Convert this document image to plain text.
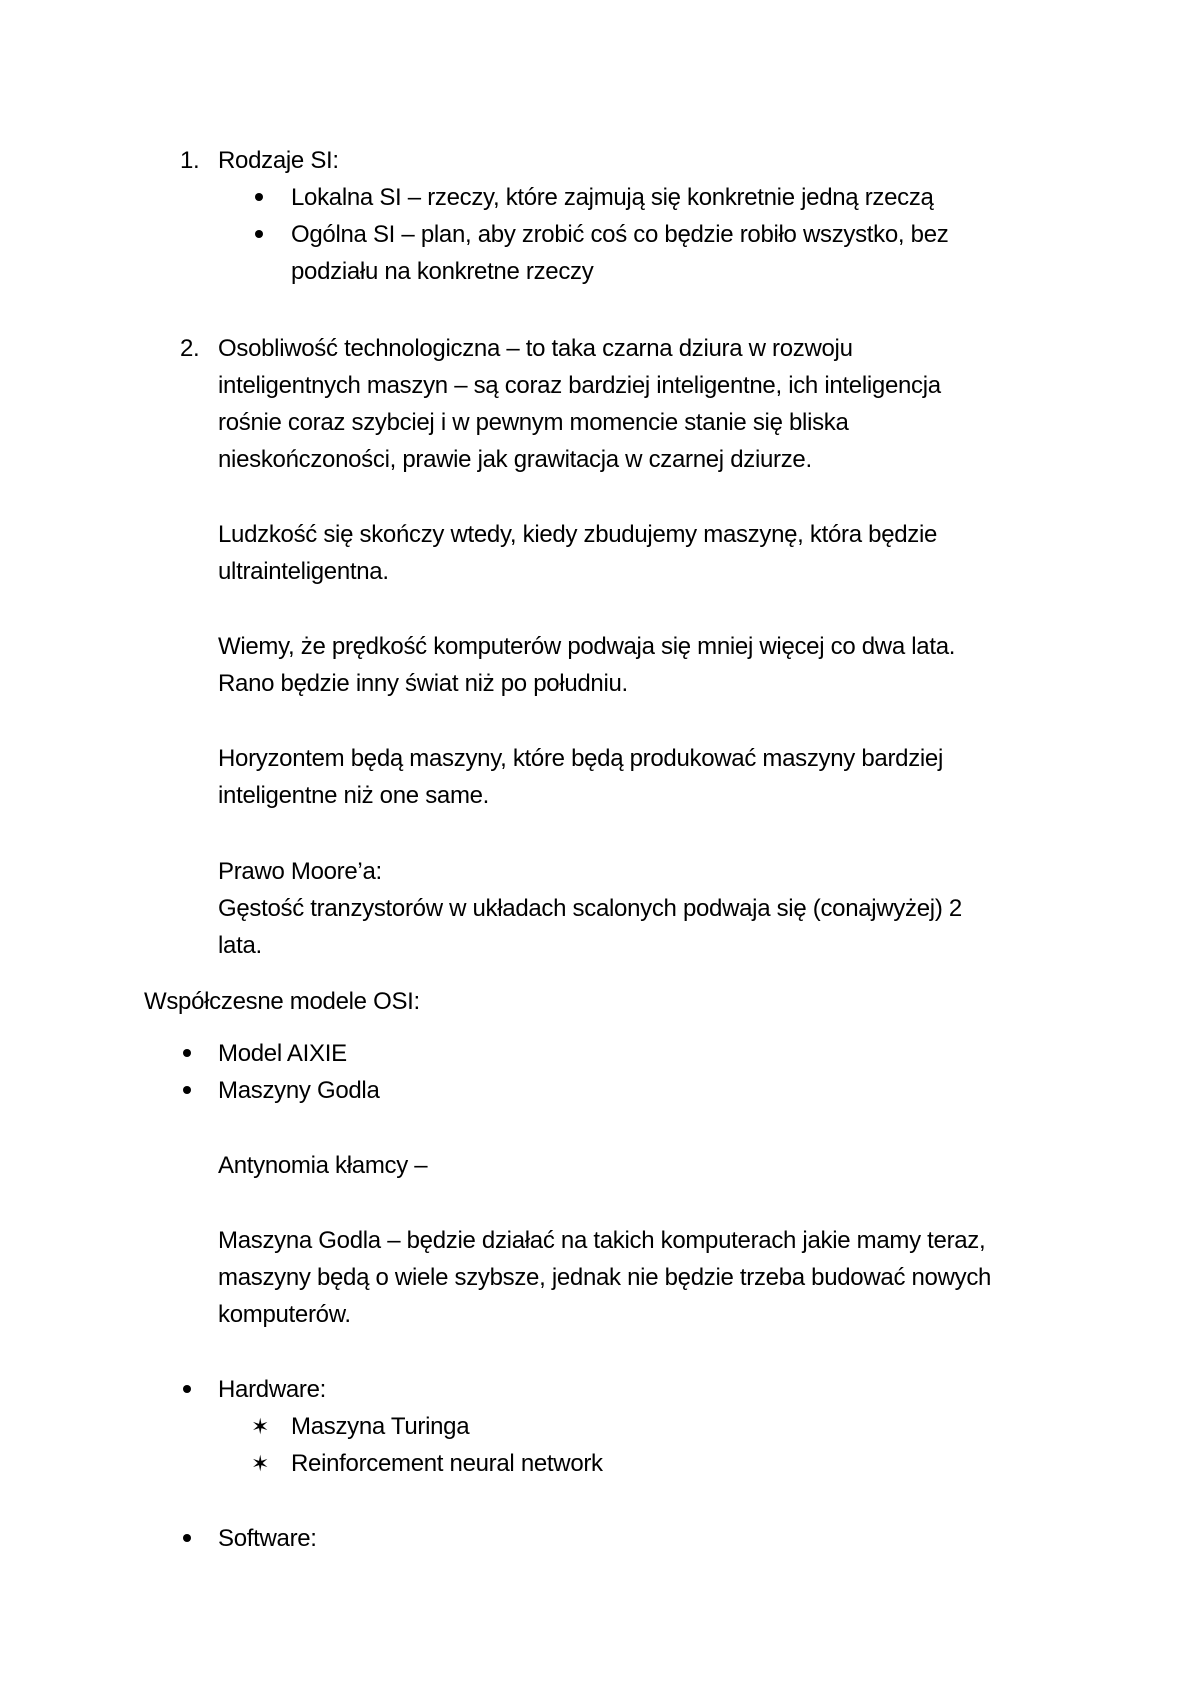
1. Rodzaje SI:
Lokalna SI – rzeczy, które zajmują się konkretnie jedną rzeczą
Ogólna SI – plan, aby zrobić coś co będzie robiło wszystko, bez
podziału na konkretne rzeczy
2. Osobliwość technologiczna – to taka czarna dziura w rozwoju
inteligentnych maszyn – są coraz bardziej inteligentne, ich inteligencja
rośnie coraz szybciej i w pewnym momencie stanie się bliska
nieskończoności, prawie jak grawitacja w czarnej dziurze.
Ludzkość się skończy wtedy, kiedy zbudujemy maszynę, która będzie
ultrainteligentna.
Wiemy, że prędkość komputerów podwaja się mniej więcej co dwa lata.
Rano będzie inny świat niż po południu.
Horyzontem będą maszyny, które będą produkować maszyny bardziej
inteligentne niż one same.
Prawo Moore’a:
Gęstość tranzystorów w układach scalonych podwaja się (conajwyżej) 2
lata.
Współczesne modele OSI:
Model AIXIE
Maszyny Godla
Antynomia kłamcy –
Maszyna Godla – będzie działać na takich komputerach jakie mamy teraz,
maszyny będą o wiele szybsze, jednak nie będzie trzeba budować nowych
komputerów.
Hardware:
✶ Maszyna Turinga
✶ Reinforcement neural network
Software:
